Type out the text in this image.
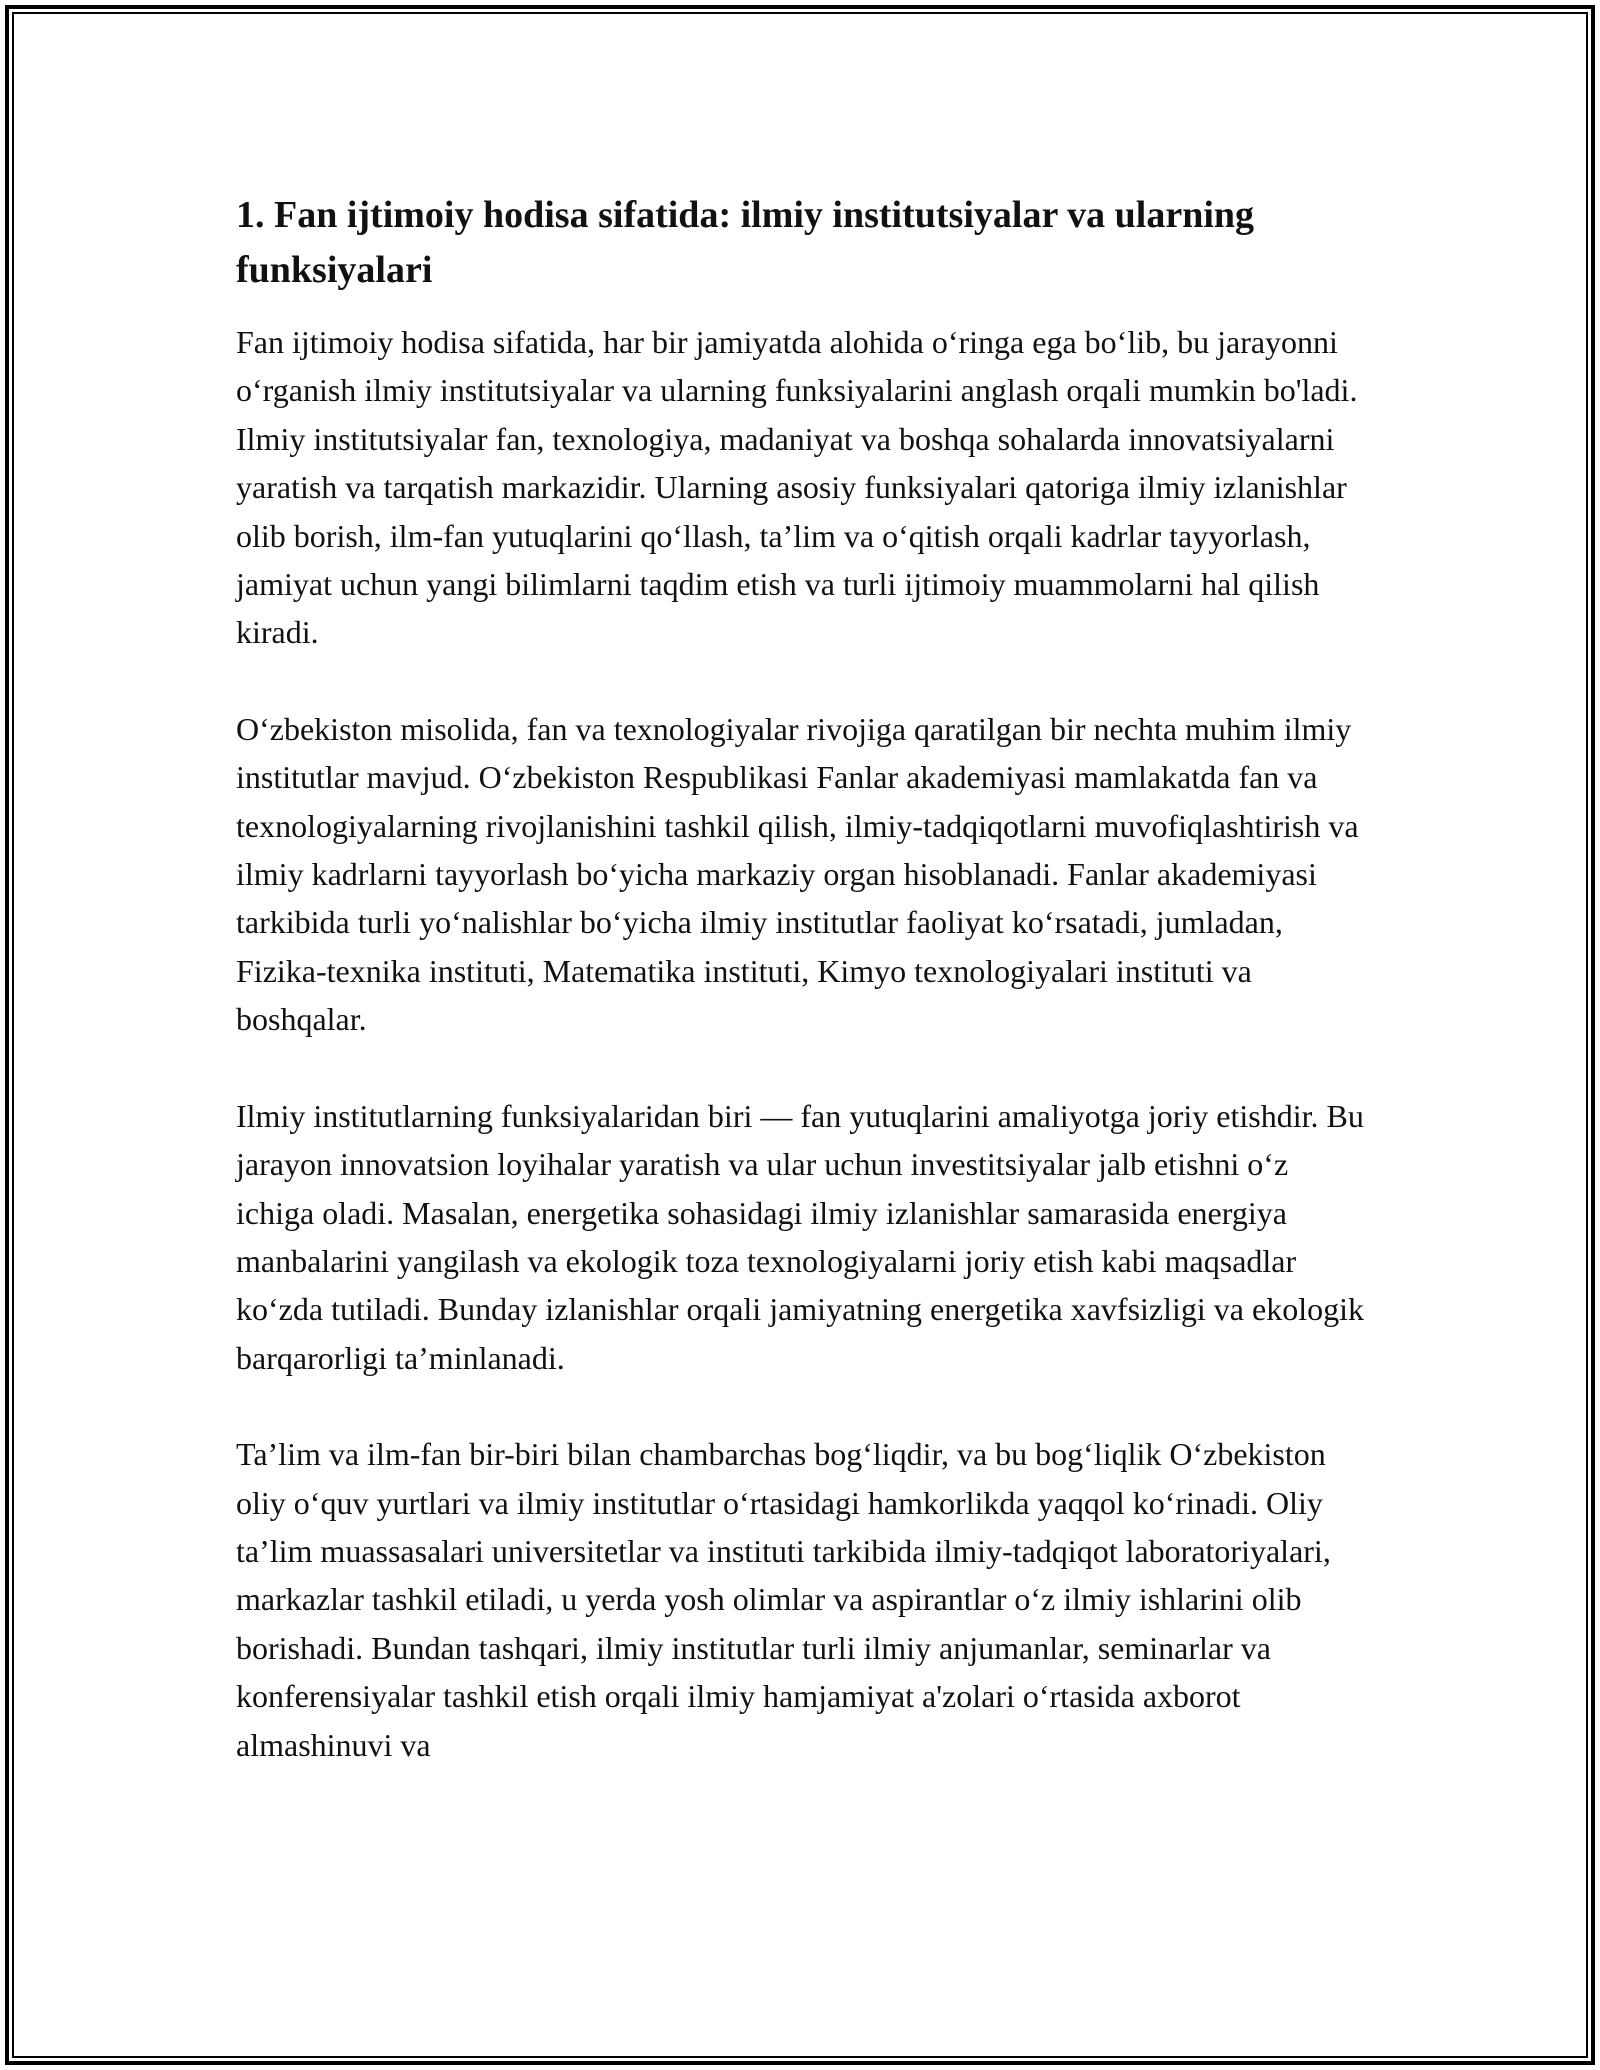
1. Fan ijtimoiy hodisa sifatida: ilmiy institutsiyalar va ularning funksiyalari

Fan ijtimoiy hodisa sifatida, har bir jamiyatda alohida o‘ringa ega bo‘lib, bu jarayonni o‘rganish ilmiy institutsiyalar va ularning funksiyalarini anglash orqali mumkin bo'ladi. Ilmiy institutsiyalar fan, texnologiya, madaniyat va boshqa sohalarda innovatsiyalarni yaratish va tarqatish markazidir. Ularning asosiy funksiyalari qatoriga ilmiy izlanishlar olib borish, ilm-fan yutuqlarini qo‘llash, ta’lim va o‘qitish orqali kadrlar tayyorlash, jamiyat uchun yangi bilimlarni taqdim etish va turli ijtimoiy muammolarni hal qilish kiradi.

O‘zbekiston misolida, fan va texnologiyalar rivojiga qaratilgan bir nechta muhim ilmiy institutlar mavjud. O‘zbekiston Respublikasi Fanlar akademiyasi mamlakatda fan va texnologiyalarning rivojlanishini tashkil qilish, ilmiy-tadqiqotlarni muvofiqlashtirish va ilmiy kadrlarni tayyorlash bo‘yicha markaziy organ hisoblanadi. Fanlar akademiyasi tarkibida turli yo‘nalishlar bo‘yicha ilmiy institutlar faoliyat ko‘rsatadi, jumladan, Fizika-texnika instituti, Matematika instituti, Kimyo texnologiyalari instituti va boshqalar.

Ilmiy institutlarning funksiyalaridan biri — fan yutuqlarini amaliyotga joriy etishdir. Bu jarayon innovatsion loyihalar yaratish va ular uchun investitsiyalar jalb etishni o‘z ichiga oladi. Masalan, energetika sohasidagi ilmiy izlanishlar samarasida energiya manbalarini yangilash va ekologik toza texnologiyalarni joriy etish kabi maqsadlar ko‘zda tutiladi. Bunday izlanishlar orqali jamiyatning energetika xavfsizligi va ekologik barqarorligi ta’minlanadi.

Ta’lim va ilm-fan bir-biri bilan chambarchas bog‘liqdir, va bu bog‘liqlik O‘zbekiston oliy o‘quv yurtlari va ilmiy institutlar o‘rtasidagi hamkorlikda yaqqol ko‘rinadi. Oliy ta’lim muassasalari universitetlar va instituti tarkibida ilmiy-tadqiqot laboratoriyalari, markazlar tashkil etiladi, u yerda yosh olimlar va aspirantlar o‘z ilmiy ishlarini olib borishadi. Bundan tashqari, ilmiy institutlar turli ilmiy anjumanlar, seminarlar va konferensiyalar tashkil etish orqali ilmiy hamjamiyat a'zolari o‘rtasida axborot almashinuvi va
